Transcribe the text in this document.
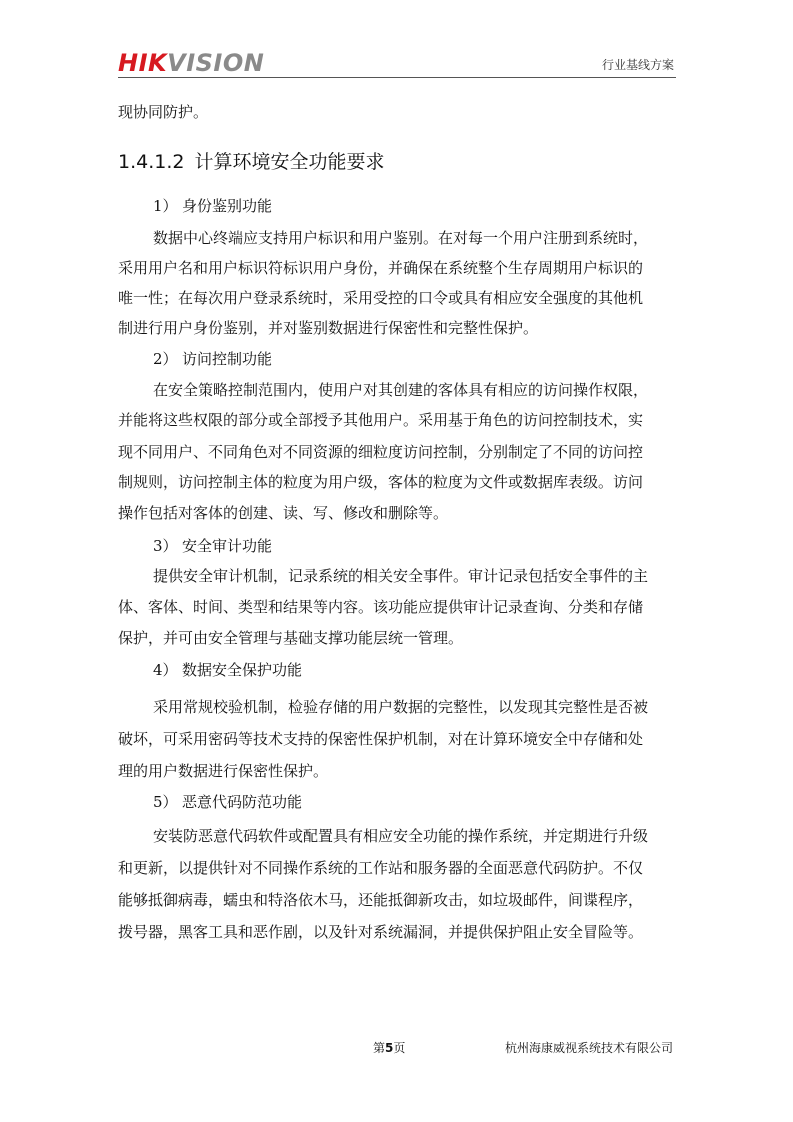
HIKVISION	行业基线方案
现协同防护。
1.4.1.2 计算环境安全功能要求
1） 身份鉴别功能
数据中心终端应支持用户标识和用户鉴别。在对每一个用户注册到系统时，
采用用户名和用户标识符标识用户身份，并确保在系统整个生存周期用户标识的
唯一性；在每次用户登录系统时，采用受控的口令或具有相应安全强度的其他机
制进行用户身份鉴别，并对鉴别数据进行保密性和完整性保护。
2） 访问控制功能
在安全策略控制范围内，使用户对其创建的客体具有相应的访问操作权限，
并能将这些权限的部分或全部授予其他用户。采用基于角色的访问控制技术，实
现不同用户、不同角色对不同资源的细粒度访问控制，分别制定了不同的访问控
制规则，访问控制主体的粒度为用户级，客体的粒度为文件或数据库表级。访问
操作包括对客体的创建、读、写、修改和删除等。
3） 安全审计功能
提供安全审计机制，记录系统的相关安全事件。审计记录包括安全事件的主
体、客体、时间、类型和结果等内容。该功能应提供审计记录查询、分类和存储
保护，并可由安全管理与基础支撑功能层统一管理。
4） 数据安全保护功能
采用常规校验机制，检验存储的用户数据的完整性，以发现其完整性是否被
破坏，可采用密码等技术支持的保密性保护机制，对在计算环境安全中存储和处
理的用户数据进行保密性保护。
5） 恶意代码防范功能
安装防恶意代码软件或配置具有相应安全功能的操作系统，并定期进行升级
和更新，以提供针对不同操作系统的工作站和服务器的全面恶意代码防护。不仅
能够抵御病毒，蠕虫和特洛依木马，还能抵御新攻击，如垃圾邮件，间谍程序，
拨号器，黑客工具和恶作剧，以及针对系统漏洞，并提供保护阻止安全冒险等。
第5页	杭州海康威视系统技术有限公司
